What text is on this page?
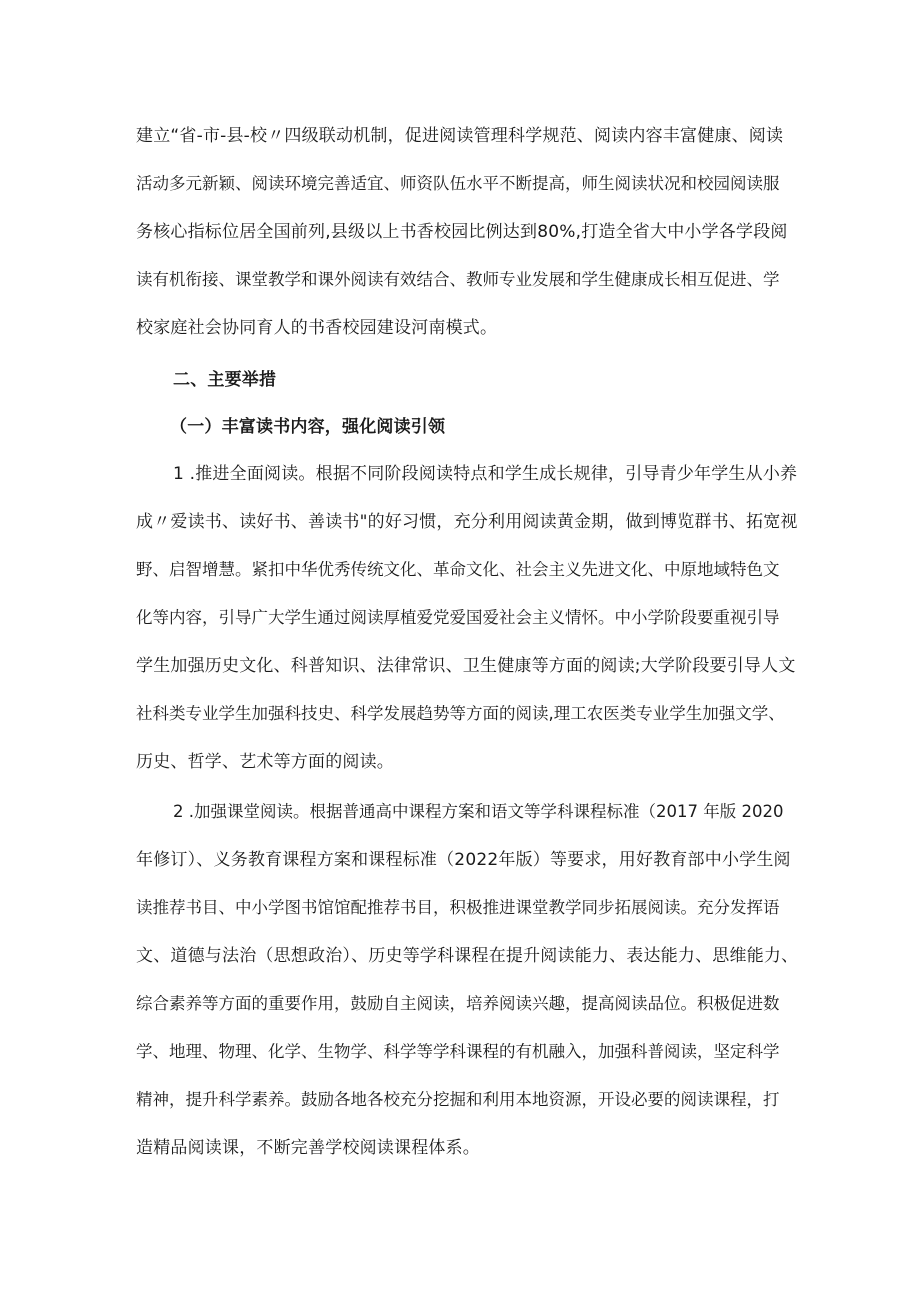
建立“省-市-县-校〃四级联动机制，促进阅读管理科学规范、阅读内容丰富健康、阅读
活动多元新颖、阅读环境完善适宜、师资队伍水平不断提高，师生阅读状况和校园阅读服
务核心指标位居全国前列,县级以上书香校园比例达到80%,打造全省大中小学各学段阅
读有机衔接、课堂教学和课外阅读有效结合、教师专业发展和学生健康成长相互促进、学
校家庭社会协同育人的书香校园建设河南模式。
二、主要举措
（一）丰富读书内容，强化阅读引领
1 .推进全面阅读。根据不同阶段阅读特点和学生成长规律，引导青少年学生从小养
成〃爱读书、读好书、善读书"的好习惯，充分利用阅读黄金期，做到博览群书、拓宽视
野、启智增慧。紧扣中华优秀传统文化、革命文化、社会主义先进文化、中原地域特色文
化等内容，引导广大学生通过阅读厚植爱党爱国爱社会主义情怀。中小学阶段要重视引导
学生加强历史文化、科普知识、法律常识、卫生健康等方面的阅读;大学阶段要引导人文
社科类专业学生加强科技史、科学发展趋势等方面的阅读,理工农医类专业学生加强文学、
历史、哲学、艺术等方面的阅读。
2 .加强课堂阅读。根据普通高中课程方案和语文等学科课程标准（2017 年版 2020
年修订）、义务教育课程方案和课程标准（2022年版）等要求，用好教育部中小学生阅
读推荐书目、中小学图书馆馆配推荐书目，积极推进课堂教学同步拓展阅读。充分发挥语
文、道德与法治（思想政治）、历史等学科课程在提升阅读能力、表达能力、思维能力、
综合素养等方面的重要作用，鼓励自主阅读，培养阅读兴趣，提高阅读品位。积极促进数
学、地理、物理、化学、生物学、科学等学科课程的有机融入，加强科普阅读，坚定科学
精神，提升科学素养。鼓励各地各校充分挖掘和利用本地资源，开设必要的阅读课程，打
造精品阅读课，不断完善学校阅读课程体系。
